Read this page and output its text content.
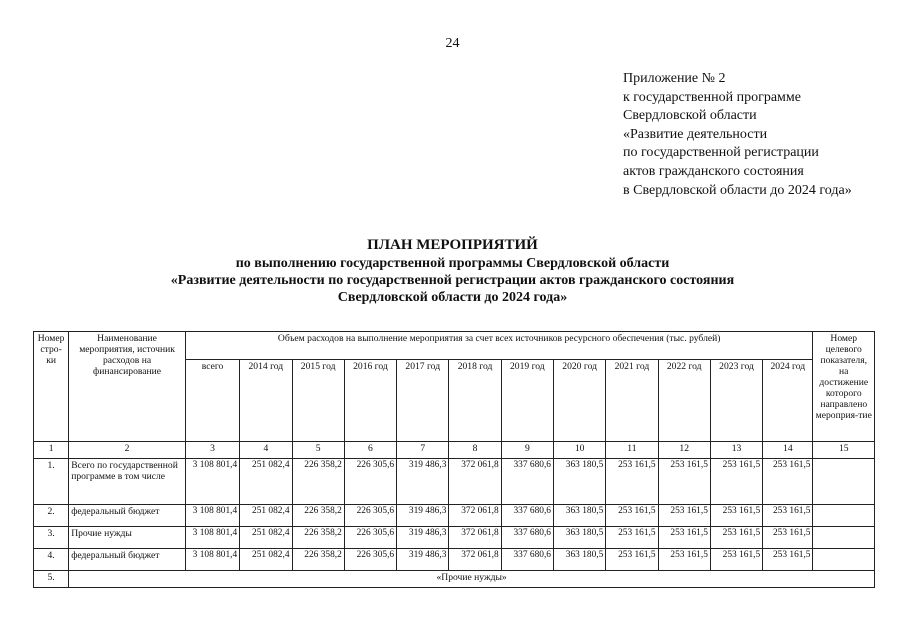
24
Приложение № 2
к государственной программе
Свердловской области
«Развитие деятельности
по государственной регистрации
актов гражданского состояния
в Свердловской области до 2024 года»
ПЛАН МЕРОПРИЯТИЙ
по выполнению государственной программы Свердловской области
«Развитие деятельности по государственной регистрации актов гражданского состояния
Свердловской области до 2024 года»
Номер стро-ки	Наименование мероприятия, источник расходов на финансирование	Объем расходов на выполнение мероприятия за счет всех источников ресурсного обеспечения (тыс. рублей)												Номер целевого показателя, на достижение которого направлено мероприя-тие
		всего	2014 год	2015 год	2016 год	2017 год	2018 год	2019 год	2020 год	2021 год	2022 год	2023 год	2024 год	
1	2	3	4	5	6	7	8	9	10	11	12	13	14	15
1.	Всего по государственной программе в том числе	3 108 801,4	251 082,4	226 358,2	226 305,6	319 486,3	372 061,8	337 680,6	363 180,5	253 161,5	253 161,5	253 161,5	253 161,5	
2.	федеральный бюджет	3 108 801,4	251 082,4	226 358,2	226 305,6	319 486,3	372 061,8	337 680,6	363 180,5	253 161,5	253 161,5	253 161,5	253 161,5	
3.	Прочие нужды	3 108 801,4	251 082,4	226 358,2	226 305,6	319 486,3	372 061,8	337 680,6	363 180,5	253 161,5	253 161,5	253 161,5	253 161,5	
4.	федеральный бюджет	3 108 801,4	251 082,4	226 358,2	226 305,6	319 486,3	372 061,8	337 680,6	363 180,5	253 161,5	253 161,5	253 161,5	253 161,5	
5.	«Прочие нужды»													
